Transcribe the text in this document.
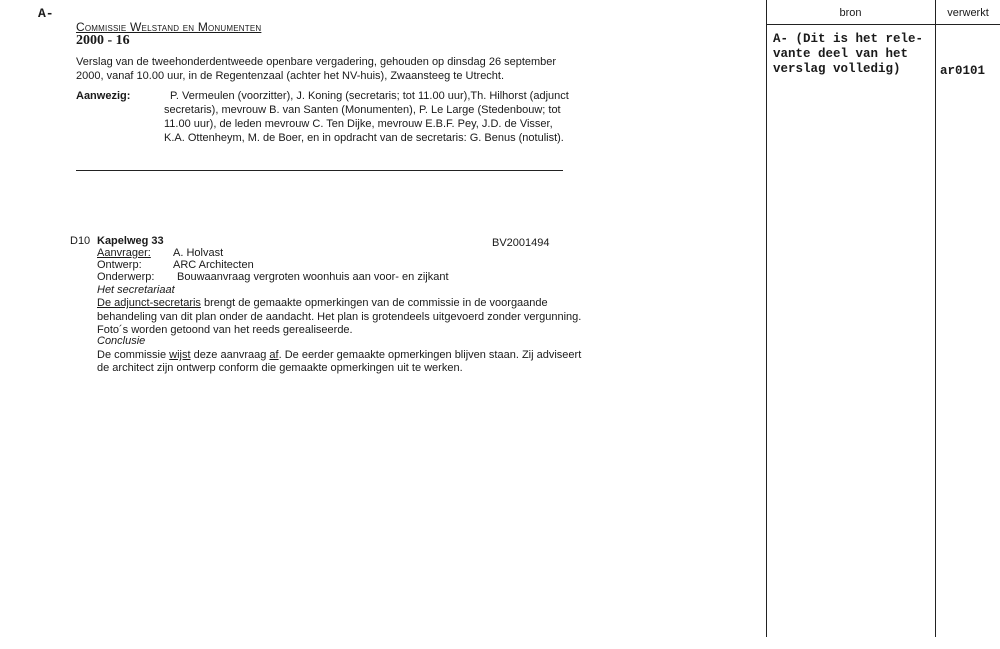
A-
Commissie Welstand en Monumenten
2000 - 16
Verslag van de tweehonderdentweede openbare vergadering, gehouden op dinsdag 26 september
2000, vanaf 10.00 uur, in de Regentenzaal (achter het NV-huis), Zwaansteeg te Utrecht.
Aanwezig:	P. Vermeulen (voorzitter), J. Koning (secretaris; tot 11.00 uur),Th. Hilhorst (adjunct
secretaris), mevrouw B. van Santen (Monumenten), P. Le Large (Stedenbouw; tot
11.00 uur), de leden mevrouw C. Ten Dijke, mevrouw E.B.F. Pey, J.D. de Visser,
K.A. Ottenheym, M. de Boer, en in opdracht van de secretaris: G. Benus (notulist).
D10 Kapelweg 33	BV2001494
Aanvrager: A. Holvast
Ontwerp:	ARC Architecten
Onderwerp: Bouwaanvraag vergroten woonhuis aan voor- en zijkant
Het secretariaat
De adjunct-secretaris brengt de gemaakte opmerkingen van de commissie in de voorgaande
behandeling van dit plan onder de aandacht. Het plan is grotendeels uitgevoerd zonder vergunning.
Foto´s worden getoond van het reeds gerealiseerde.
Conclusie
De commissie wijst deze aanvraag af. De eerder gemaakte opmerkingen blijven staan. Zij adviseert
de architect zijn ontwerp conform die gemaakte opmerkingen uit te werken.
bron	verwerkt
A- (Dit is het rele-
vante deel van het
verslag volledig)	ar0101
